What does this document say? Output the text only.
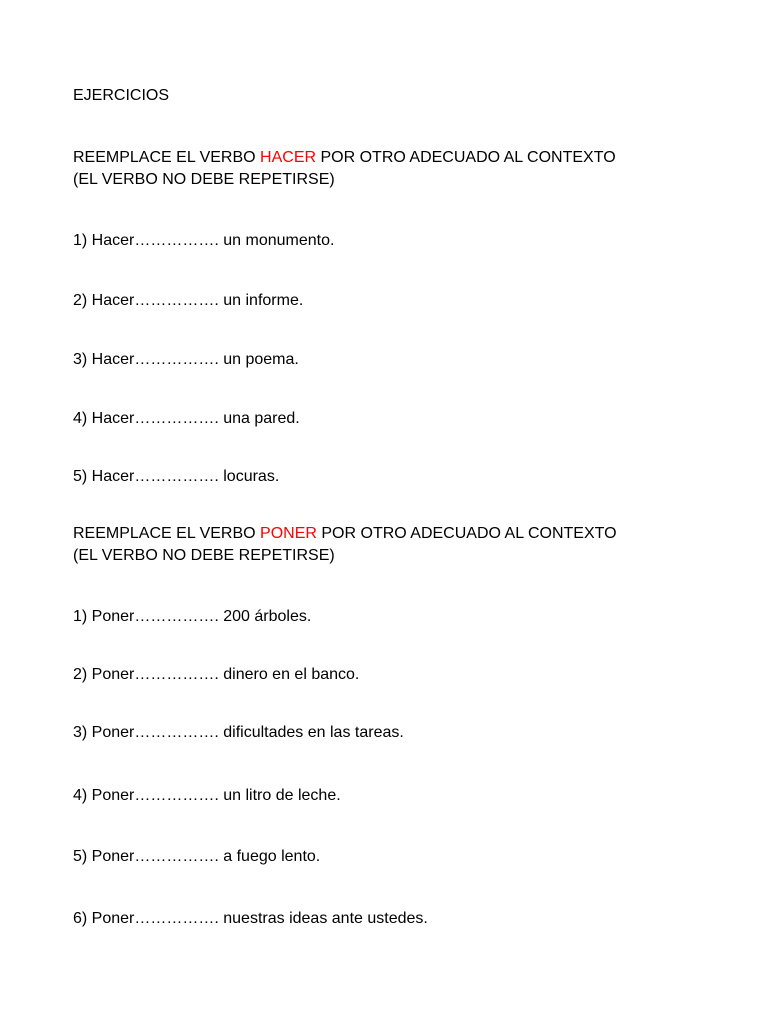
EJERCICIOS
REEMPLACE EL VERBO HACER POR OTRO ADECUADO AL CONTEXTO
(EL VERBO NO DEBE REPETIRSE)
1) Hacer……………. un monumento.
2) Hacer……………. un informe.
3) Hacer……………. un poema.
4) Hacer……………. una pared.
5) Hacer……………. locuras.
REEMPLACE EL VERBO PONER POR OTRO ADECUADO AL CONTEXTO
(EL VERBO NO DEBE REPETIRSE)
1) Poner……………. 200 árboles.
2) Poner……………. dinero en el banco.
3) Poner……………. dificultades en las tareas.
4) Poner……………. un litro de leche.
5) Poner……………. a fuego lento.
6) Poner……………. nuestras ideas ante ustedes.
